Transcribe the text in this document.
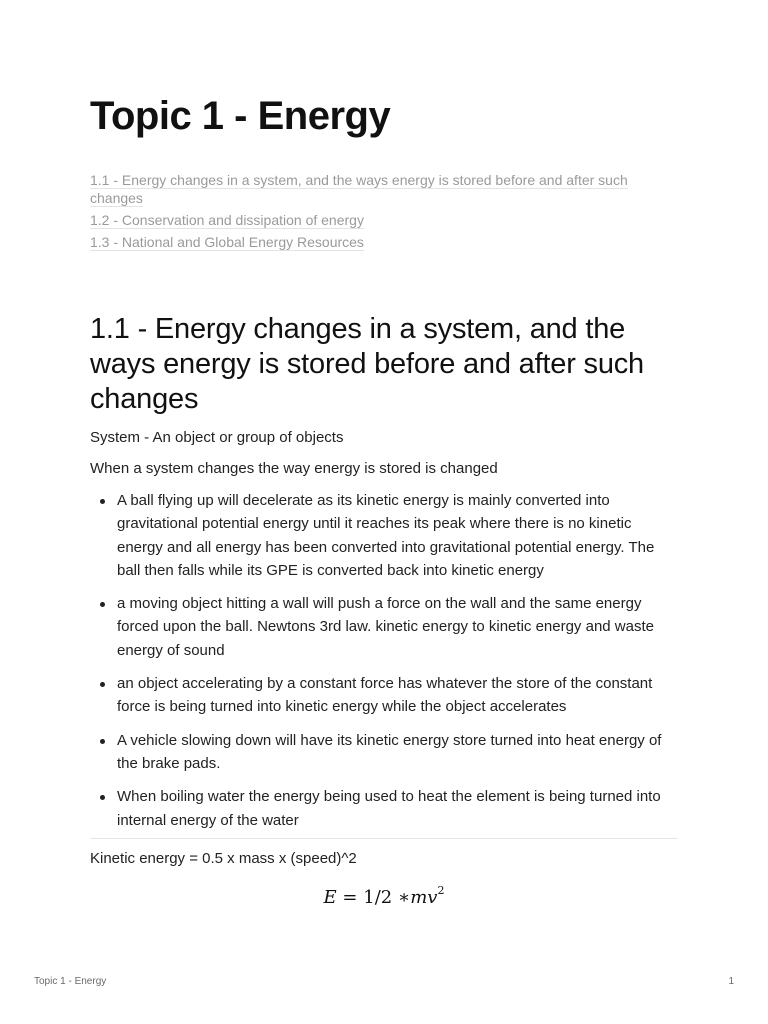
Topic 1 - Energy
1.1 - Energy changes in a system, and the ways energy is stored before and after such changes
1.2 - Conservation and dissipation of energy
1.3 - National and Global Energy Resources
1.1 - Energy changes in a system, and the ways energy is stored before and after such changes

System - An object or group of objects

When a system changes the way energy is stored is changed

A ball flying up will decelerate as its kinetic energy is mainly converted into gravitational potential energy until it reaches its peak where there is no kinetic energy and all energy has been converted into gravitational potential energy. The ball then falls while its GPE is converted back into kinetic energy
a moving object hitting a wall will push a force on the wall and the same energy forced upon the ball. Newtons 3rd law. kinetic energy to kinetic energy and waste energy of sound
an object accelerating by a constant force has whatever the store of the constant force is being turned into kinetic energy while the object accelerates
A vehicle slowing down will have its kinetic energy store turned into heat energy of the brake pads.
When boiling water the energy being used to heat the element is being turned into internal energy of the water

Kinetic energy = 0.5 x mass x (speed)^2

E = 1/2 $∗mv^2$
Topic 1 - Energy	1
